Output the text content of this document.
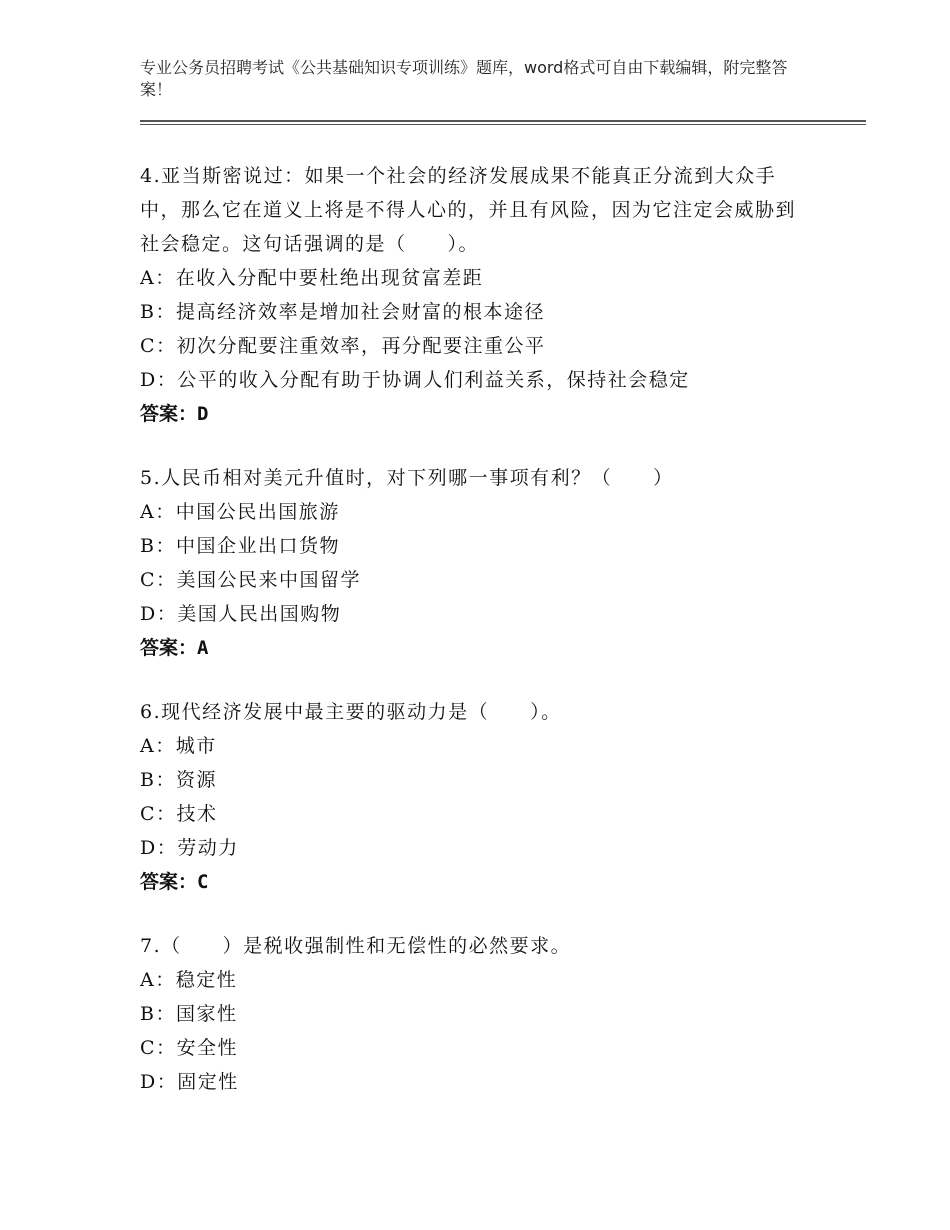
专业公务员招聘考试《公共基础知识专项训练》题库，word格式可自由下载编辑，附完整答案！
4.亚当斯密说过：如果一个社会的经济发展成果不能真正分流到大众手中，那么它在道义上将是不得人心的，并且有风险，因为它注定会威胁到社会稳定。这句话强调的是（　　）。
A：在收入分配中要杜绝出现贫富差距
B：提高经济效率是增加社会财富的根本途径
C：初次分配要注重效率，再分配要注重公平
D：公平的收入分配有助于协调人们利益关系，保持社会稳定
答案：D
5.人民币相对美元升值时，对下列哪一事项有利？（　　）
A：中国公民出国旅游
B：中国企业出口货物
C：美国公民来中国留学
D：美国人民出国购物
答案：A
6.现代经济发展中最主要的驱动力是（　　）。
A：城市
B：资源
C：技术
D：劳动力
答案：C
7.（　　）是税收强制性和无偿性的必然要求。
A：稳定性
B：国家性
C：安全性
D：固定性
